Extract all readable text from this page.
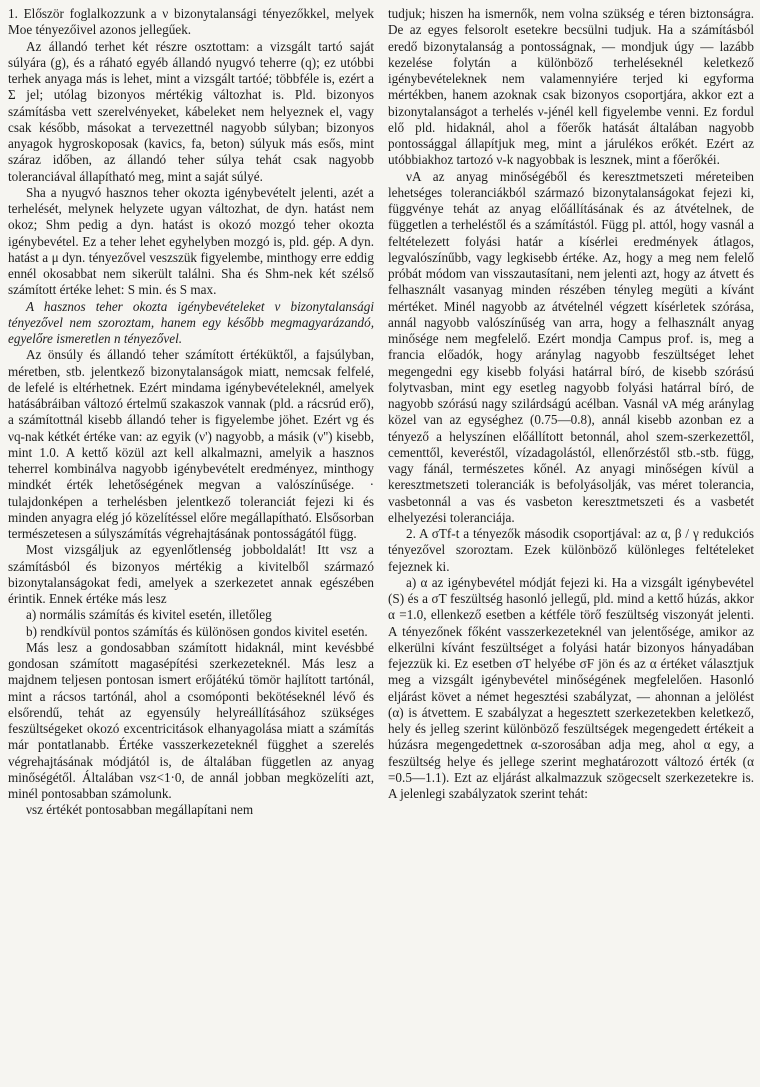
1. Először foglalkozzunk a ν bizonytalansági tényezőkkel, melyek Moe tényezőivel azonos jellegűek.

Az állandó terhet két részre osztottam: a vizsgált tartó saját súlyára (g), és a ráható egyéb állandó nyugvó teherre (q); ez utóbbi terhek anyaga más is lehet, mint a vizsgált tartóé; többféle is, ezért a Σ jel; utólag bizonyos mértékig változhat is. Pld. bizonyos számításba vett szerelvényeket, kábeleket nem helyeznek el, vagy csak később, másokat a tervezettnél nagyobb súlyban; bizonyos anyagok hygroskoposak (kavics, fa, beton) súlyuk más esős, mint száraz időben, az állandó teher súlya tehát csak nagyobb toleranciával állapítható meg, mint a saját súlyé.

Sha a nyugvó hasznos teher okozta igénybevételt jelenti, azét a terhelését, melynek helyzete ugyan változhat, de dyn. hatást nem okoz; Shm pedig a dyn. hatást is okozó mozgó teher okozta igénybevétel. Ez a teher lehet egyhelyben mozgó is, pld. gép. A dyn. hatást a μ dyn. tényezővel veszszük figyelembe, minthogy erre eddig ennél okosabbat nem sikerült találni. Sha és Shm-nek két szélső számított értéke lehet: S min. és S max.

A hasznos teher okozta igénybevételeket ν bizonytalansági tényezővel nem szoroztam, hanem egy később megmagyarázandó, egyelőre ismeretlen n tényezővel.

Az önsúly és állandó teher számított értéküktől, a fajsúlyban, méretben, stb. jelentkező bizonytalanságok miatt, nemcsak felfelé, de lefelé is eltérhetnek. Ezért mindama igénybevételeknél, amelyek hatásábráiban változó értelmű szakaszok vannak (pld. a rácsrúd erő), a számítottnál kisebb állandó teher is figyelembe jöhet. Ezért νg és νq-nak kétkét értéke van: az egyik (ν') nagyobb, a másik (ν'') kisebb, mint 1.0. A kettő közül azt kell alkalmazni, amelyik a hasznos teherrel kombinálva nagyobb igénybevételt eredményez, minthogy mindkét érték lehetőségének megvan a valószínűsége. · tulajdonképen a terhelésben jelentkező toleranciát fejezi ki és minden anyagra elég jó közelítéssel előre megállapítható. Elsősorban természetesen a súlyszámítás végrehajtásának pontosságától függ.

Most vizsgáljuk az egyenlőtlenség jobboldalát! Itt νsz a számításból és bizonyos mértékig a kivitelből származó bizonytalanságokat fedi, amelyek a szerkezetet annak egészében érintik. Ennek értéke más lesz

a) normális számítás és kivitel esetén, illetőleg

b) rendkívül pontos számítás és különösen gondos kivitel esetén.

Más lesz a gondosabban számított hidaknál, mint kevésbbé gondosan számított magasépítési szerkezeteknél. Más lesz a majdnem teljesen pontosan ismert erőjátékú tömör hajlított tartónál, mint a rácsos tartónál, ahol a csomóponti bekötéseknél lévő és elsőrendű, tehát az egyensúly helyreállításához szükséges feszültségeket okozó excentricitások elhanyagolása miatt a számítás már pontatlanabb. Értéke vasszerkezeteknél függhet a szerelés végrehajtásának módjától is, de általában független az anyag minőségétől. Általában νsz<1·0, de annál jobban megközelíti azt, minél pontosabban számolunk.

νsz értékét pontosabban megállapítani nem

tudjuk; hiszen ha ismernők, nem volna szükség e téren biztonságra. De az egyes felsorolt esetekre becsülni tudjuk. Ha a számításból eredő bizonytalanság a pontosságnak, — mondjuk úgy — lazább kezelése folytán a különböző terheléseknél keletkező igénybevételeknek nem valamennyiére terjed ki egyforma mértékben, hanem azoknak csak bizonyos csoportjára, akkor ezt a bizonytalanságot a terhelés ν-jénél kell figyelembe venni. Ez fordul elő pld. hidaknál, ahol a főerők hatását általában nagyobb pontossággal állapítjuk meg, mint a járulékos erőkét. Ezért az utóbbiakhoz tartozó ν-k nagyobbak is lesznek, mint a főerőkéi.

νA az anyag minőségéből és keresztmetszeti méreteiben lehetséges toleranciákból származó bizonytalanságokat fejezi ki, függvénye tehát az anyag előállításának és az átvételnek, de független a terheléstől és a számítástól. Függ pl. attól, hogy vasnál a feltételezett folyási határ a kísérlei eredmények átlagos, legvalószínűbb, vagy legkisebb értéke. Az, hogy a meg nem felelő próbát módom van visszautasítani, nem jelenti azt, hogy az átvett és felhasznált vasanyag minden részében tényleg megüti a kívánt mértéket. Minél nagyobb az átvételnél végzett kísérletek szórása, annál nagyobb valószínűség van arra, hogy a felhasznált anyag minősége nem megfelelő. Ezért mondja Campus prof. is, meg a francia előadók, hogy aránylag nagyobb feszültséget lehet megengedni egy kisebb folyási határral bíró, de kisebb szórású folytvasban, mint egy esetleg nagyobb folyási határral bíró, de nagyobb szórású nagy szilárdságú acélban. Vasnál νA még aránylag közel van az egységhez (0.75—0.8), annál kisebb azonban ez a tényező a helyszínen előállított betonnál, ahol szem-szerkezettől, cementtől, keveréstől, vízadagolástól, ellenőrzéstől stb.-stb. függ, vagy fánál, természetes kőnél. Az anyagi minőségen kívül a keresztmetszeti toleranciák is befolyásolják, vas méret tolerancia, vasbetonnál a vas és vasbeton keresztmetszeti és a vasbetét elhelyezési toleranciája.

2. A σTf-t a tényezők második csoportjával: az α, β / γ redukciós tényezővel szoroztam. Ezek különböző különleges feltételeket fejeznek ki.

a) α az igénybevétel módját fejezi ki. Ha a vizsgált igénybevétel (S) és a σT feszültség hasonló jellegű, pld. mind a kettő húzás, akkor α =1.0, ellenkező esetben a kétféle törő feszültség viszonyát jelenti. A tényezőnek főként vasszerkezeteknél van jelentősége, amikor az elkerülni kívánt feszültséget a folyási határ bizonyos hányadában fejezzük ki. Ez esetben σT helyébe σF jön és az α értéket választjuk meg a vizsgált igénybevétel minőségének megfelelően. Hasonló eljárást követ a német hegesztési szabályzat, — ahonnan a jelölést (α) is átvettem. E szabályzat a hegesztett szerkezetekben keletkező, hely és jelleg szerint különböző feszültségek megengedett értékeit a húzásra megengedettnek α-szorosában adja meg, ahol α egy, a feszültség helye és jellege szerint meghatározott változó érték (α =0.5—1.1). Ezt az eljárást alkalmazzuk szögecselt szerkezetekre is. A jelenlegi szabályzatok szerint tehát:
